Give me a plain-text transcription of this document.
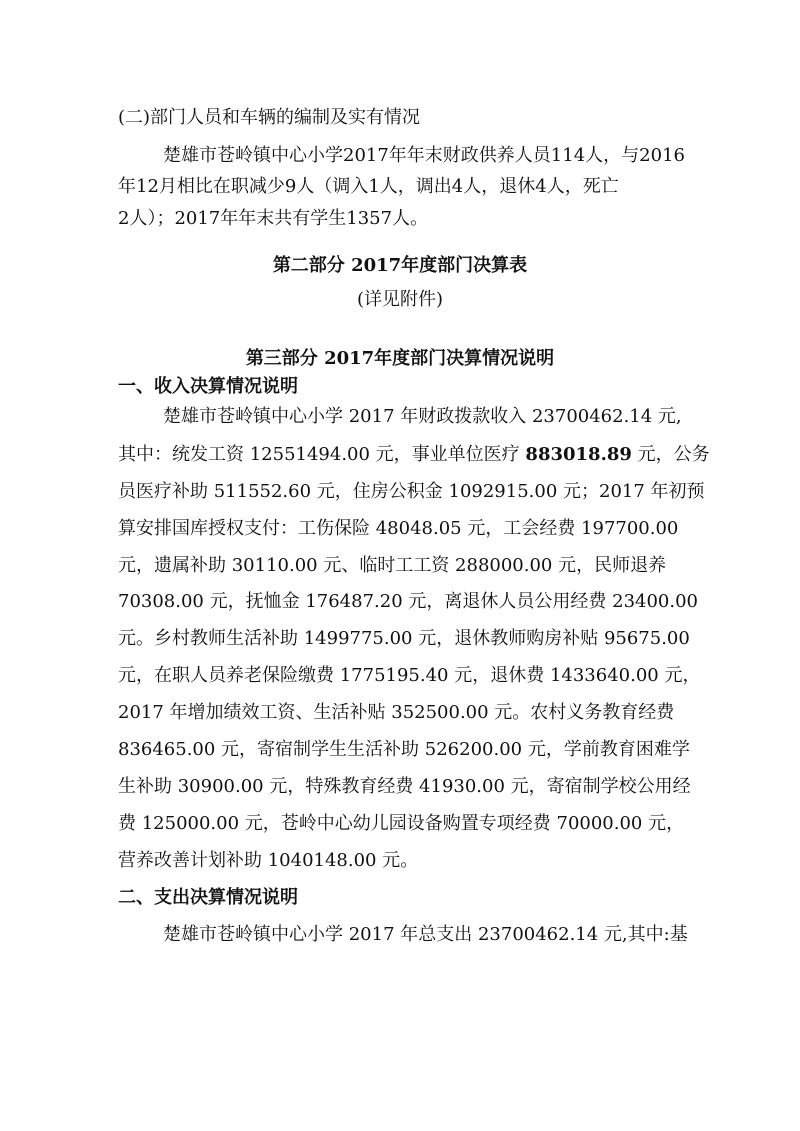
(二)部门人员和车辆的编制及实有情况
楚雄市苍岭镇中心小学2017年年末财政供养人员114人，与2016
年12月相比在职减少9人（调入1人，调出4人，退休4人，死亡
2人）；2017年年末共有学生1357人。
第二部分 2017年度部门决算表
(详见附件)
第三部分 2017年度部门决算情况说明
一、收入决算情况说明
楚雄市苍岭镇中心小学 2017 年财政拨款收入 23700462.14 元,
其中：统发工资 12551494.00 元，事业单位医疗 883018.89 元，公务
员医疗补助 511552.60 元，住房公积金 1092915.00 元；2017 年初预
算安排国库授权支付：工伤保险 48048.05 元，工会经费 197700.00
元，遗属补助 30110.00 元、临时工工资 288000.00 元，民师退养
70308.00 元，抚恤金 176487.20 元，离退休人员公用经费 23400.00
元。乡村教师生活补助 1499775.00 元，退休教师购房补贴 95675.00
元，在职人员养老保险缴费 1775195.40 元，退休费 1433640.00 元，
2017 年增加绩效工资、生活补贴 352500.00 元。农村义务教育经费
836465.00 元，寄宿制学生生活补助 526200.00 元，学前教育困难学
生补助 30900.00 元，特殊教育经费 41930.00 元，寄宿制学校公用经
费 125000.00 元，苍岭中心幼儿园设备购置专项经费 70000.00 元，
营养改善计划补助 1040148.00 元。
二、支出决算情况说明
楚雄市苍岭镇中心小学 2017 年总支出 23700462.14 元,其中:基
